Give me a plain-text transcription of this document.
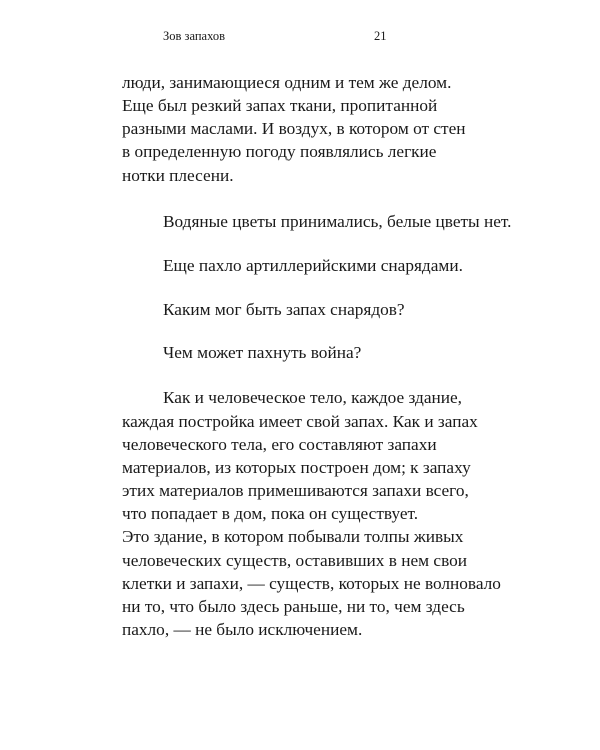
Зов запахов	21
люди, занимающиеся одним и тем же делом.
Еще был резкий запах ткани, пропитанной
разными маслами. И воздух, в котором от стен
в определенную погоду появлялись легкие
нотки плесени.
Водяные цветы принимались, белые цветы нет.
Еще пахло артиллерийскими снарядами.
Каким мог быть запах снарядов?
Чем может пахнуть война?
Как и человеческое тело, каждое здание,
каждая постройка имеет свой запах. Как и запах
человеческого тела, его составляют запахи
материалов, из которых построен дом; к запаху
этих материалов примешиваются запахи всего,
что попадает в дом, пока он существует.
Это здание, в котором побывали толпы живых
человеческих существ, оставивших в нем свои
клетки и запахи, — существ, которых не волновало
ни то, что было здесь раньше, ни то, чем здесь
пахло, — не было исключением.
